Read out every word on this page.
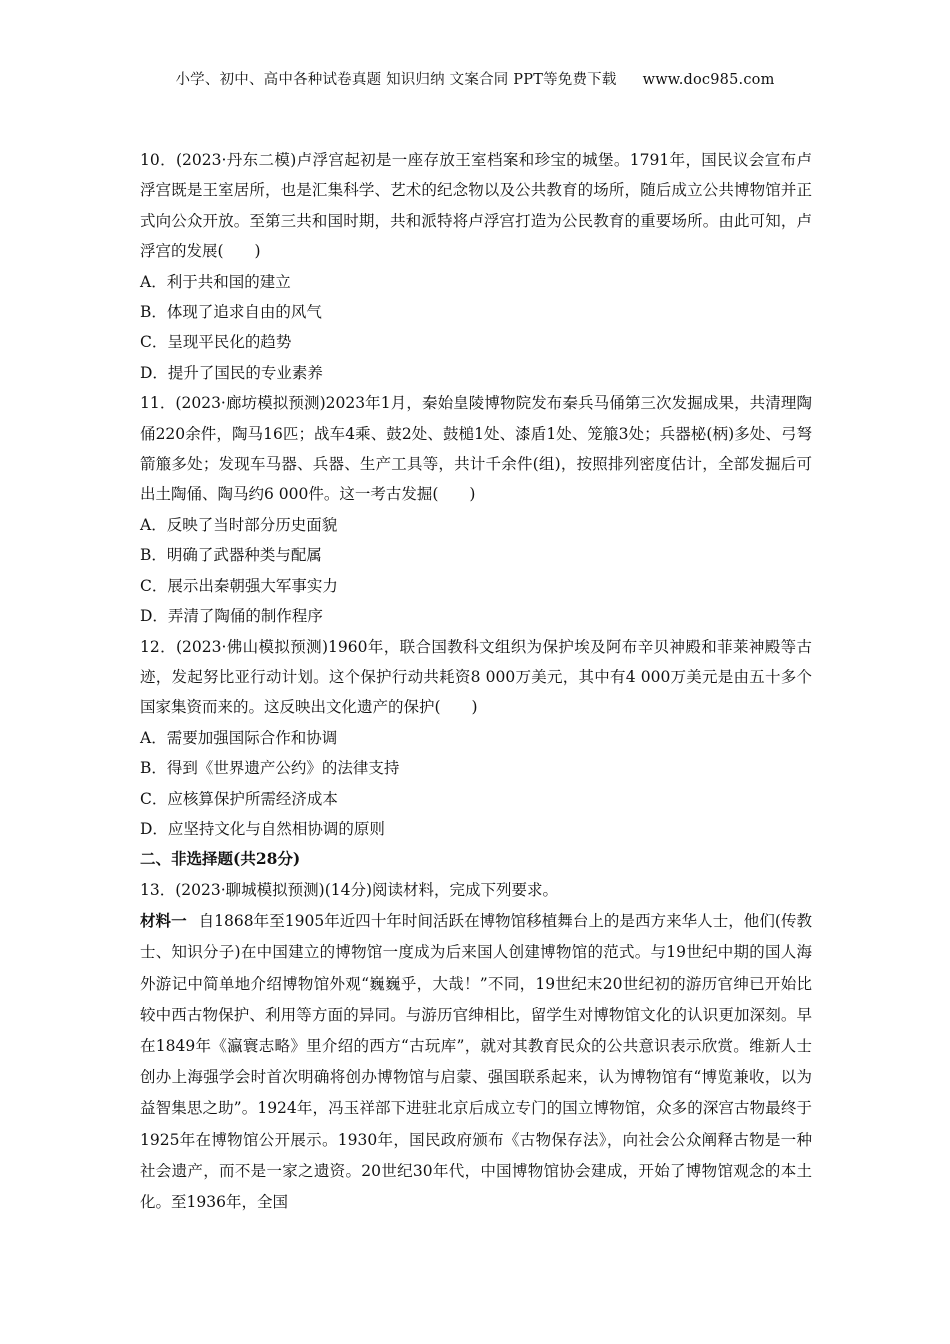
小学、初中、高中各种试卷真题 知识归纳 文案合同 PPT等免费下载 www.doc985.com

10．(2023·丹东二模)卢浮宫起初是一座存放王室档案和珍宝的城堡。1791年，国民议会宣布卢浮宫既是王室居所，也是汇集科学、艺术的纪念物以及公共教育的场所，随后成立公共博物馆并正式向公众开放。至第三共和国时期，共和派特将卢浮宫打造为公民教育的重要场所。由此可知，卢浮宫的发展(　　)

A．利于共和国的建立

B．体现了追求自由的风气

C．呈现平民化的趋势

D．提升了国民的专业素养

11．(2023·廊坊模拟预测)2023年1月，秦始皇陵博物院发布秦兵马俑第三次发掘成果，共清理陶俑220余件，陶马16匹；战车4乘、鼓2处、鼓槌1处、漆盾1处、笼箙3处；兵器柲(柄)多处、弓弩箭箙多处；发现车马器、兵器、生产工具等，共计千余件(组)，按照排列密度估计，全部发掘后可出土陶俑、陶马约6 000件。这一考古发掘(　　)

A．反映了当时部分历史面貌

B．明确了武器种类与配属

C．展示出秦朝强大军事实力

D．弄清了陶俑的制作程序

12．(2023·佛山模拟预测)1960年，联合国教科文组织为保护埃及阿布辛贝神殿和菲莱神殿等古迹，发起努比亚行动计划。这个保护行动共耗资8 000万美元，其中有4 000万美元是由五十多个国家集资而来的。这反映出文化遗产的保护(　　)

A．需要加强国际合作和协调

B．得到《世界遗产公约》的法律支持

C．应核算保护所需经济成本

D．应坚持文化与自然相协调的原则

二、非选择题(共28分)

13．(2023·聊城模拟预测)(14分)阅读材料，完成下列要求。

材料一 自1868年至1905年近四十年时间活跃在博物馆移植舞台上的是西方来华人士，他们(传教士、知识分子)在中国建立的博物馆一度成为后来国人创建博物馆的范式。与19世纪中期的国人海外游记中简单地介绍博物馆外观“巍巍乎，大哉！”不同，19世纪末20世纪初的游历官绅已开始比较中西古物保护、利用等方面的异同。与游历官绅相比，留学生对博物馆文化的认识更加深刻。早在1849年《瀛寰志略》里介绍的西方“古玩库”，就对其教育民众的公共意识表示欣赏。维新人士创办上海强学会时首次明确将创办博物馆与启蒙、强国联系起来，认为博物馆有“博览兼收，以为益智集思之助”。1924年，冯玉祥部下进驻北京后成立专门的国立博物馆，众多的深宫古物最终于1925年在博物馆公开展示。1930年，国民政府颁布《古物保存法》，向社会公众阐释古物是一种社会遗产，而不是一家之遗资。20世纪30年代，中国博物馆协会建成，开始了博物馆观念的本土化。至1936年，全国
